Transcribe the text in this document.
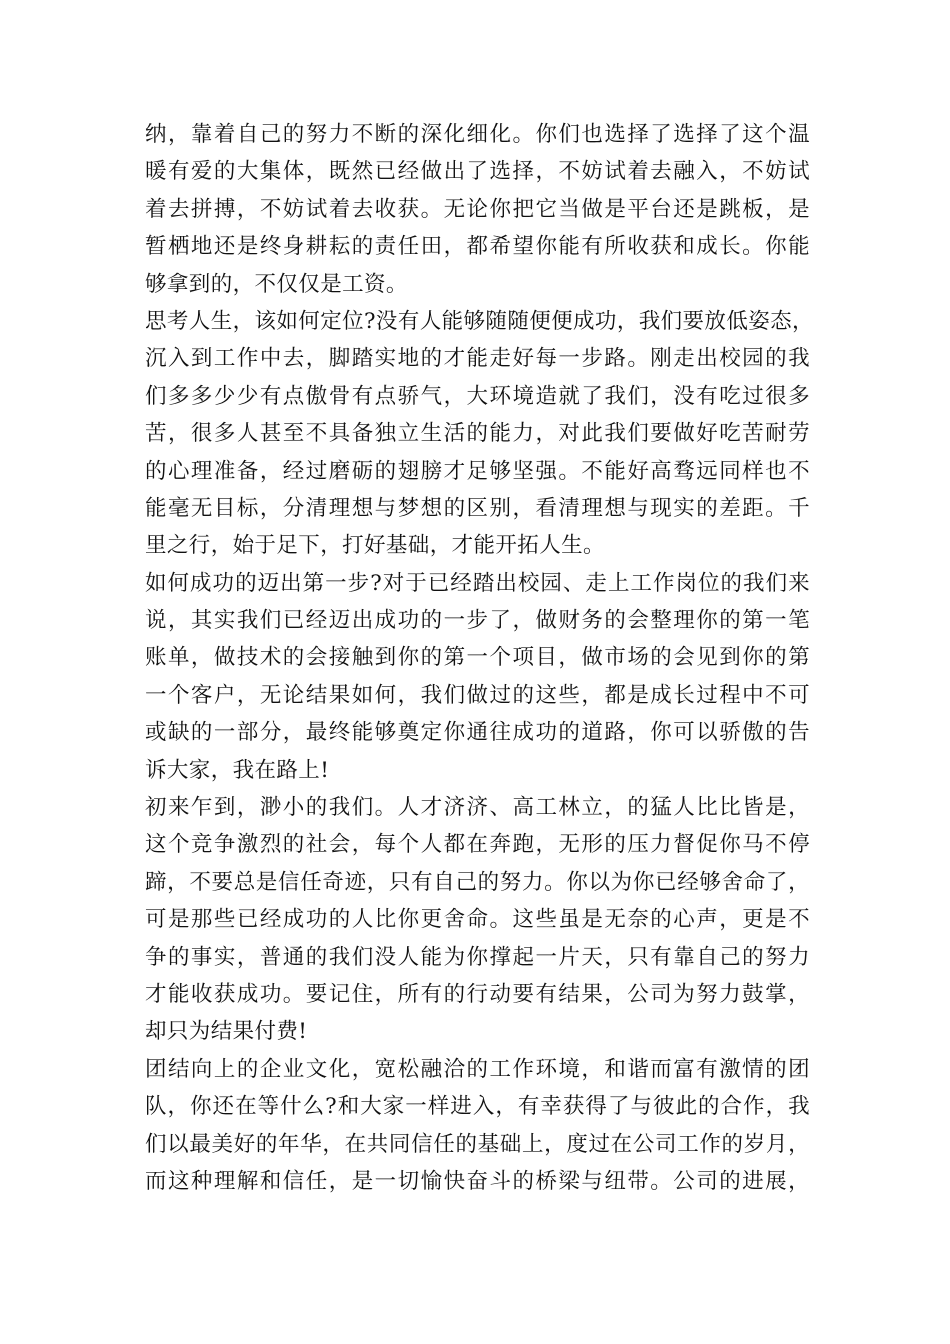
纳，靠着自己的努力不断的深化细化。你们也选择了选择了这个温
暖有爱的大集体，既然已经做出了选择，不妨试着去融入，不妨试
着去拼搏，不妨试着去收获。无论你把它当做是平台还是跳板，是
暂栖地还是终身耕耘的责任田，都希望你能有所收获和成长。你能
够拿到的，不仅仅是工资。
思考人生，该如何定位?没有人能够随随便便成功，我们要放低姿态，
沉入到工作中去，脚踏实地的才能走好每一步路。刚走出校园的我
们多多少少有点傲骨有点骄气，大环境造就了我们，没有吃过很多
苦，很多人甚至不具备独立生活的能力，对此我们要做好吃苦耐劳
的心理准备，经过磨砺的翅膀才足够坚强。不能好高骛远同样也不
能毫无目标，分清理想与梦想的区别，看清理想与现实的差距。千
里之行，始于足下，打好基础，才能开拓人生。
如何成功的迈出第一步?对于已经踏出校园、走上工作岗位的我们来
说，其实我们已经迈出成功的一步了，做财务的会整理你的第一笔
账单，做技术的会接触到你的第一个项目，做市场的会见到你的第
一个客户，无论结果如何，我们做过的这些，都是成长过程中不可
或缺的一部分，最终能够奠定你通往成功的道路，你可以骄傲的告
诉大家，我在路上!
初来乍到，渺小的我们。人才济济、高工林立，的猛人比比皆是，
这个竞争激烈的社会，每个人都在奔跑，无形的压力督促你马不停
蹄，不要总是信任奇迹，只有自己的努力。你以为你已经够舍命了，
可是那些已经成功的人比你更舍命。这些虽是无奈的心声，更是不
争的事实，普通的我们没人能为你撑起一片天，只有靠自己的努力
才能收获成功。要记住，所有的行动要有结果，公司为努力鼓掌，
却只为结果付费!
团结向上的企业文化，宽松融洽的工作环境，和谐而富有激情的团
队，你还在等什么?和大家一样进入，有幸获得了与彼此的合作，我
们以最美好的年华，在共同信任的基础上，度过在公司工作的岁月，
而这种理解和信任，是一切愉快奋斗的桥梁与纽带。公司的进展，
